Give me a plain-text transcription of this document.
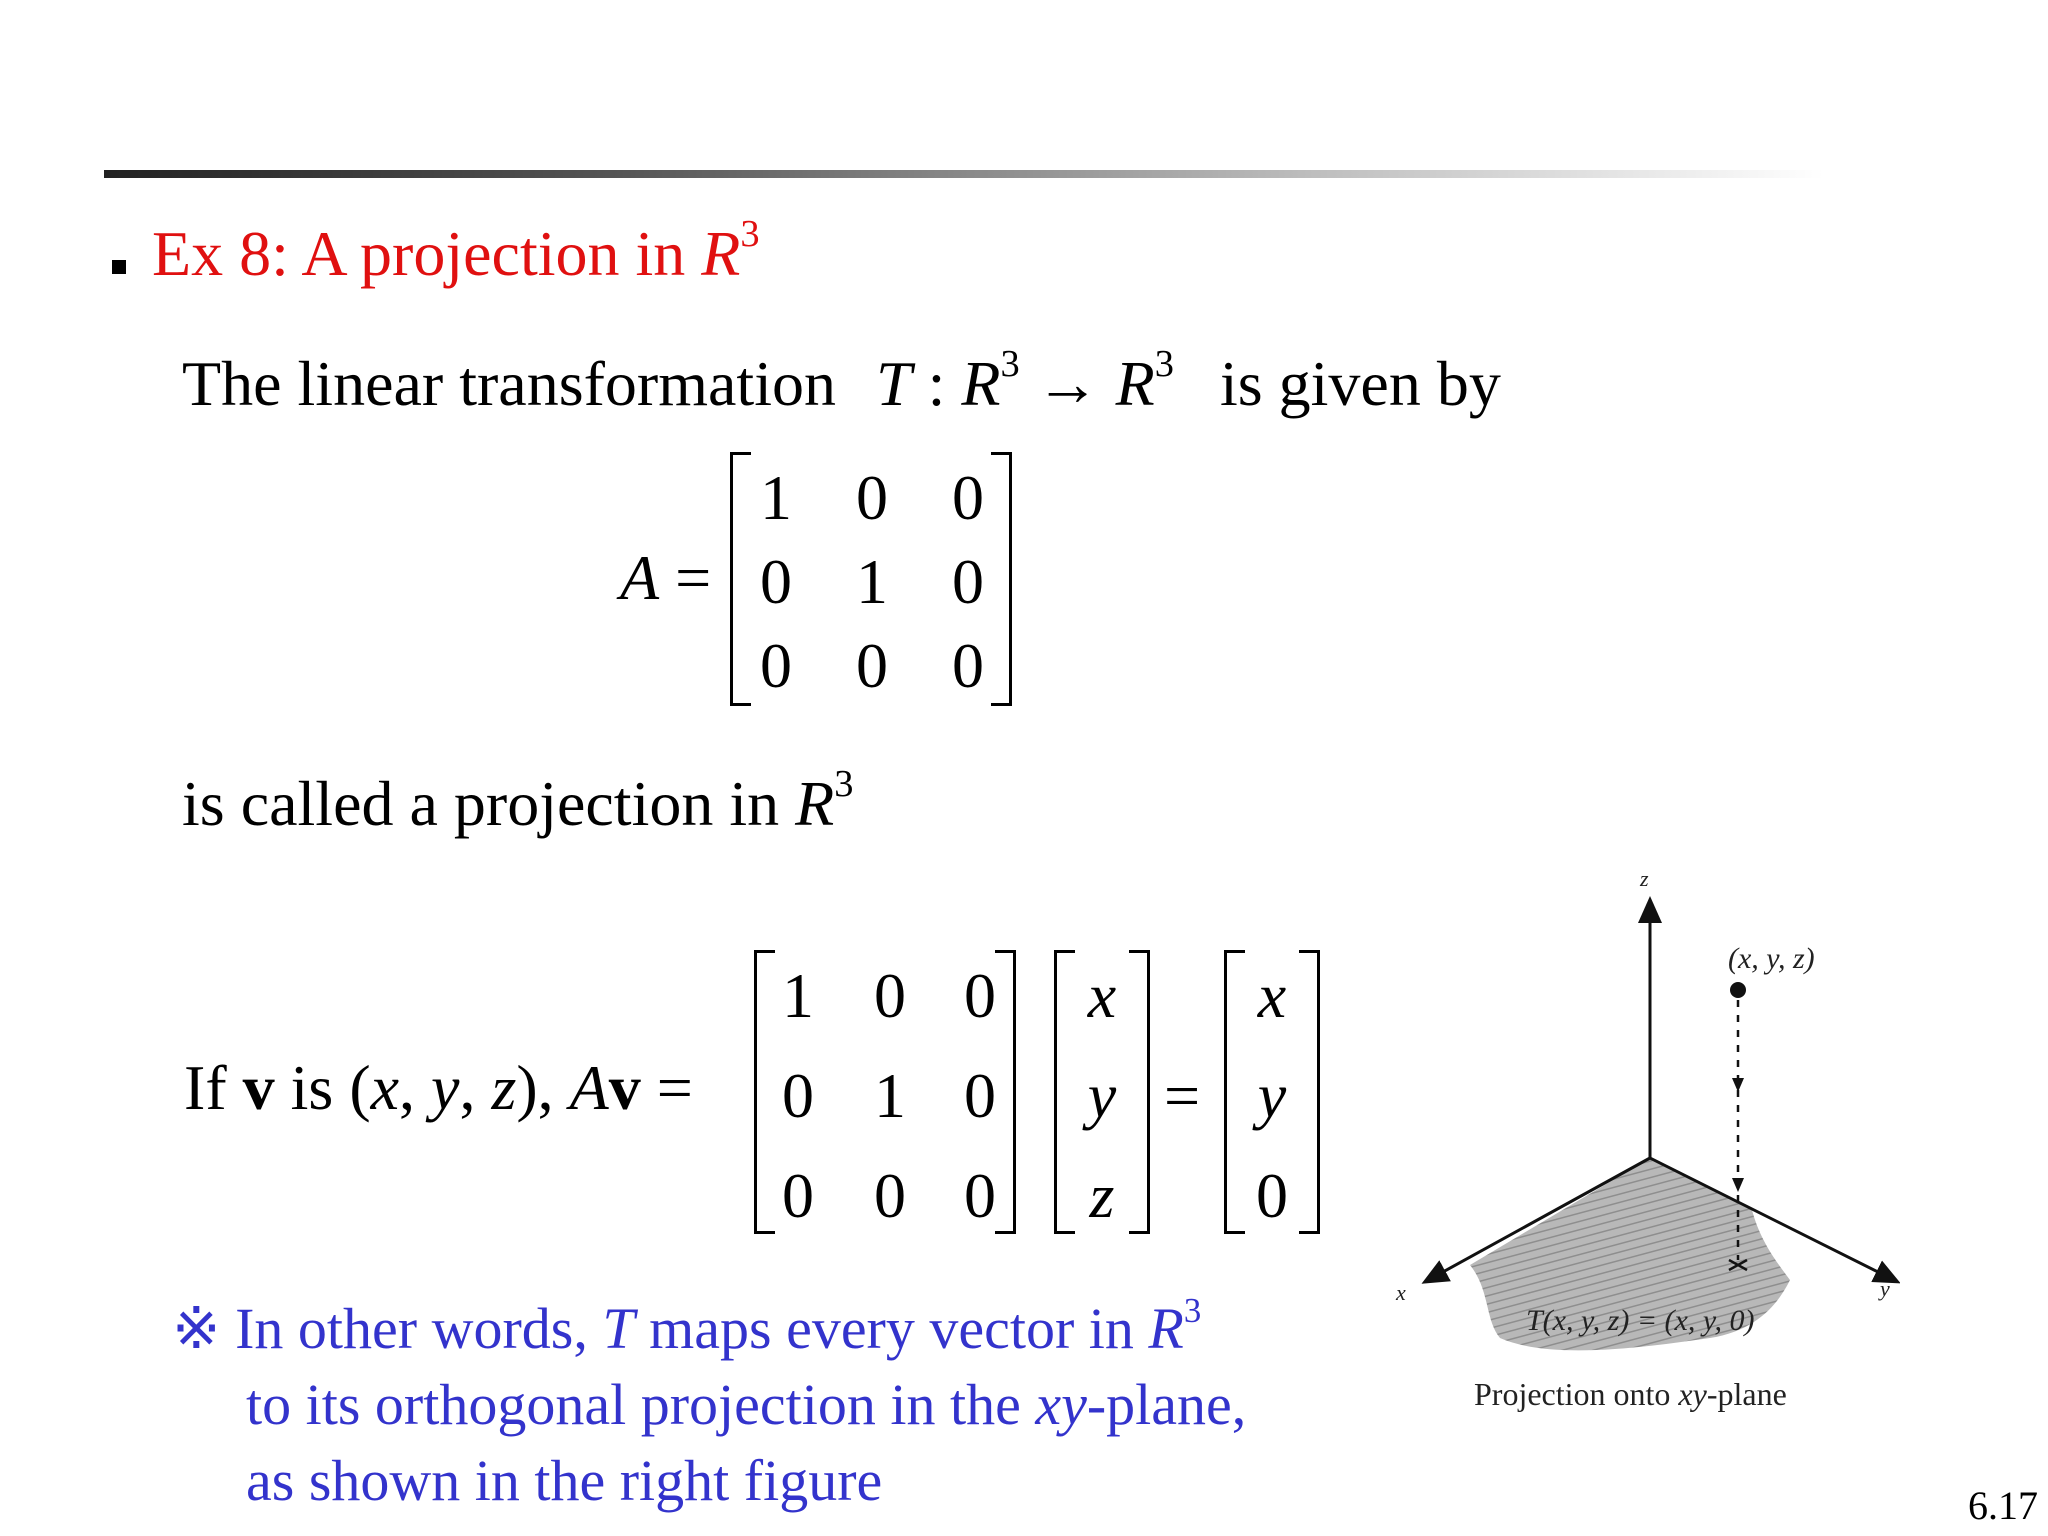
Ex 8: A projection in $R^3$
The linear transformation T : $R^3 \to R^3$ is given by
A =
1 0 0
0 1 0
0 0 0
is called a projection in $R^3$
If v is (x, y, z), Av =
1 0 0
0 1 0
0 0 0
x
y
z
=
x
y
0
※ In other words, T maps every vector in $R^3$
to its orthogonal projection in the xy-plane,
as shown in the right figure
z
x	y
(x, y, z)
T(x, y, z) = (x, y, 0)
Projection onto xy-plane
6.17
